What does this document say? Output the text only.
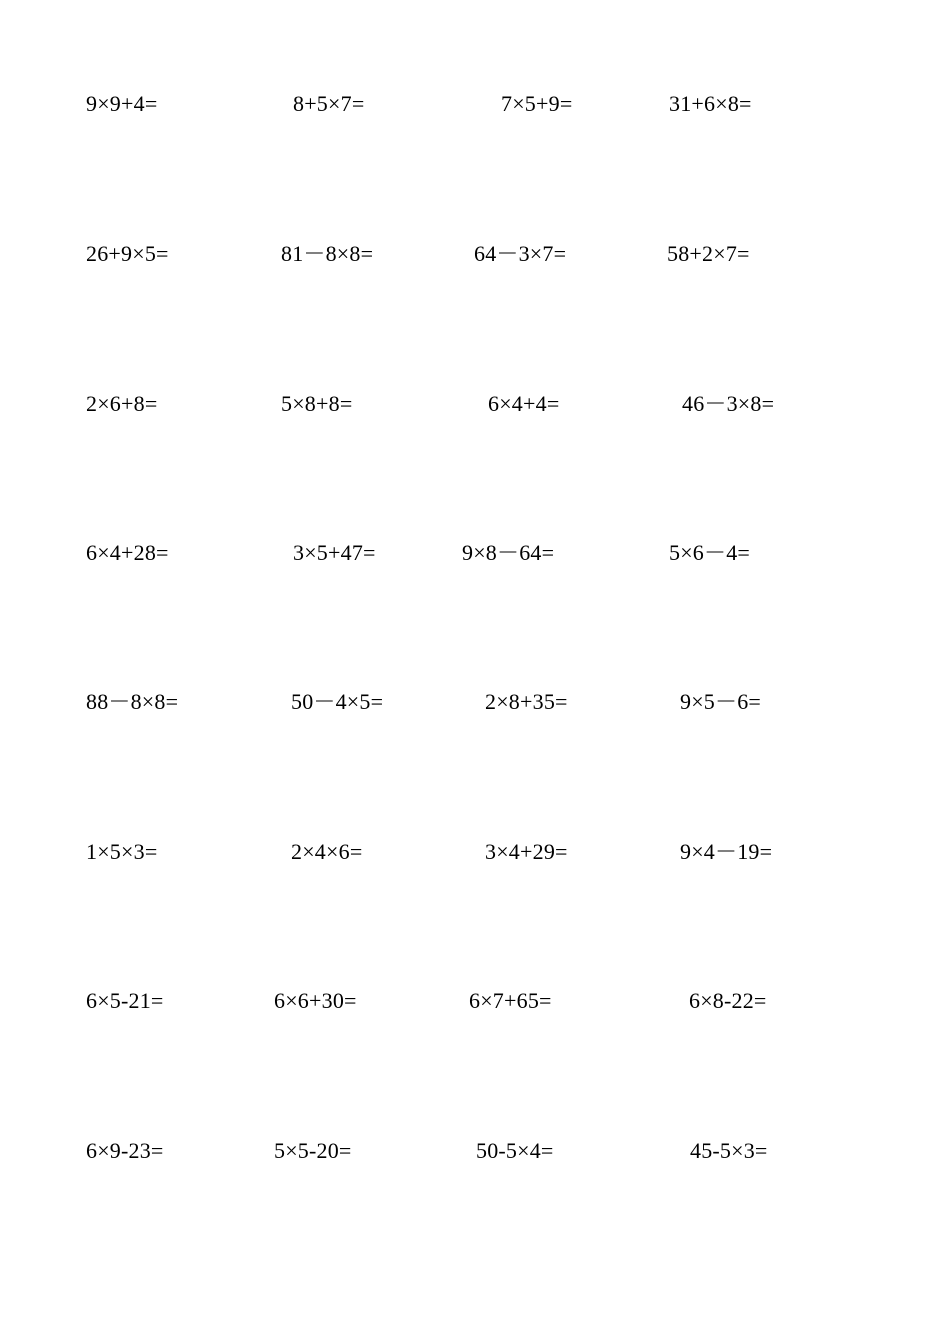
9×9+4=	8+5×7=	7×5+9=	31+6×8=
26+9×5=	81－8×8=	64－3×7=	58+2×7=
2×6+8=	5×8+8=	6×4+4=	46－3×8=
6×4+28=	3×5+47=	9×8－64=	5×6－4=
88－8×8=	50－4×5=	2×8+35=	9×5－6=
1×5×3=	2×4×6=	3×4+29=	9×4－19=
6×5-21=	6×6+30=	6×7+65=	6×8-22=
6×9-23=	5×5-20=	50-5×4=	45-5×3=
